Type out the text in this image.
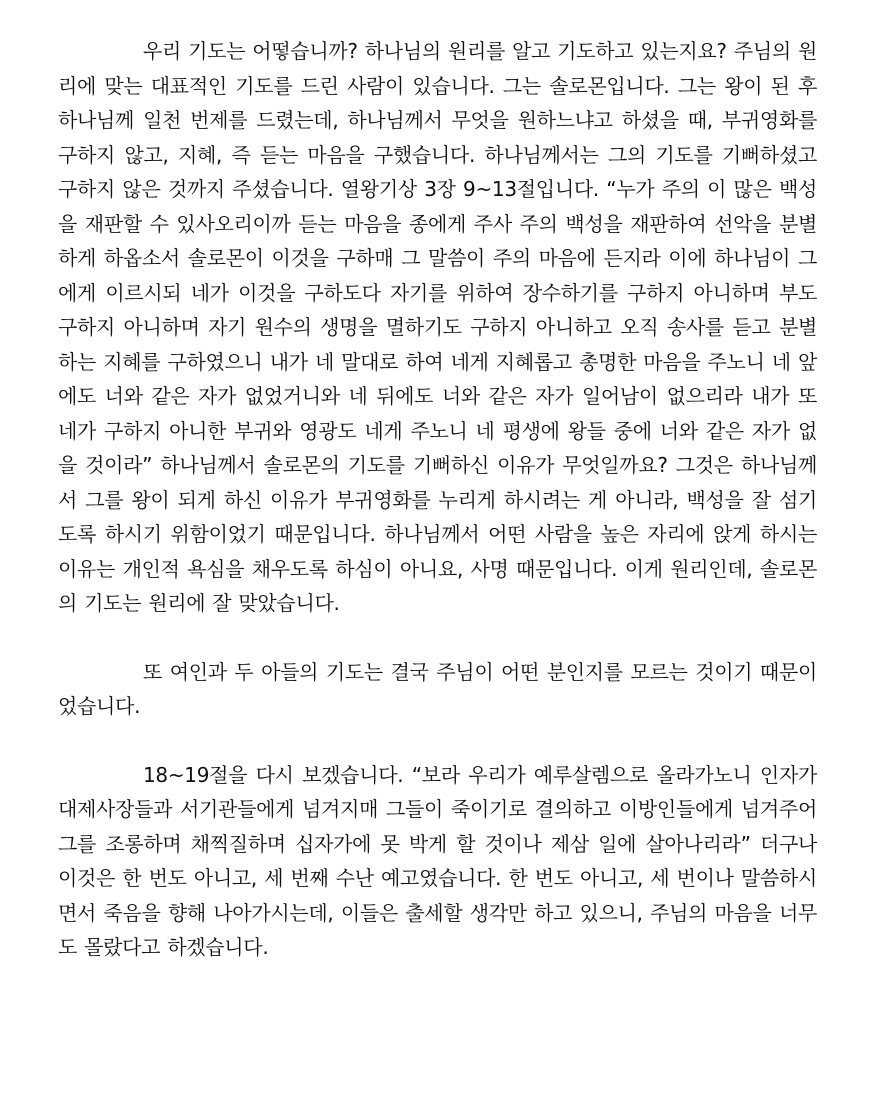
우리 기도는 어떻습니까? 하나님의 원리를 알고 기도하고 있는지요? 주님의 원리에 맞는 대표적인 기도를 드린 사람이 있습니다. 그는 솔로몬입니다. 그는 왕이 된 후 하나님께 일천 번제를 드렸는데, 하나님께서 무엇을 원하느냐고 하셨을 때, 부귀영화를 구하지 않고, 지혜, 즉 듣는 마음을 구했습니다. 하나님께서는 그의 기도를 기뻐하셨고 구하지 않은 것까지 주셨습니다. 열왕기상 3장 9~13절입니다. “누가 주의 이 많은 백성을 재판할 수 있사오리이까 듣는 마음을 종에게 주사 주의 백성을 재판하여 선악을 분별하게 하옵소서 솔로몬이 이것을 구하매 그 말씀이 주의 마음에 든지라 이에 하나님이 그에게 이르시되 네가 이것을 구하도다 자기를 위하여 장수하기를 구하지 아니하며 부도 구하지 아니하며 자기 원수의 생명을 멸하기도 구하지 아니하고 오직 송사를 듣고 분별하는 지혜를 구하였으니 내가 네 말대로 하여 네게 지혜롭고 총명한 마음을 주노니 네 앞에도 너와 같은 자가 없었거니와 네 뒤에도 너와 같은 자가 일어남이 없으리라 내가 또 네가 구하지 아니한 부귀와 영광도 네게 주노니 네 평생에 왕들 중에 너와 같은 자가 없을 것이라” 하나님께서 솔로몬의 기도를 기뻐하신 이유가 무엇일까요? 그것은 하나님께서 그를 왕이 되게 하신 이유가 부귀영화를 누리게 하시려는 게 아니라, 백성을 잘 섬기도록 하시기 위함이었기 때문입니다. 하나님께서 어떤 사람을 높은 자리에 앉게 하시는 이유는 개인적 욕심을 채우도록 하심이 아니요, 사명 때문입니다. 이게 원리인데, 솔로몬의 기도는 원리에 잘 맞았습니다.

또 여인과 두 아들의 기도는 결국 주님이 어떤 분인지를 모르는 것이기 때문이었습니다.

18~19절을 다시 보겠습니다. “보라 우리가 예루살렘으로 올라가노니 인자가 대제사장들과 서기관들에게 넘겨지매 그들이 죽이기로 결의하고 이방인들에게 넘겨주어 그를 조롱하며 채찍질하며 십자가에 못 박게 할 것이나 제삼 일에 살아나리라” 더구나 이것은 한 번도 아니고, 세 번째 수난 예고였습니다. 한 번도 아니고, 세 번이나 말씀하시면서 죽음을 향해 나아가시는데, 이들은 출세할 생각만 하고 있으니, 주님의 마음을 너무도 몰랐다고 하겠습니다.
